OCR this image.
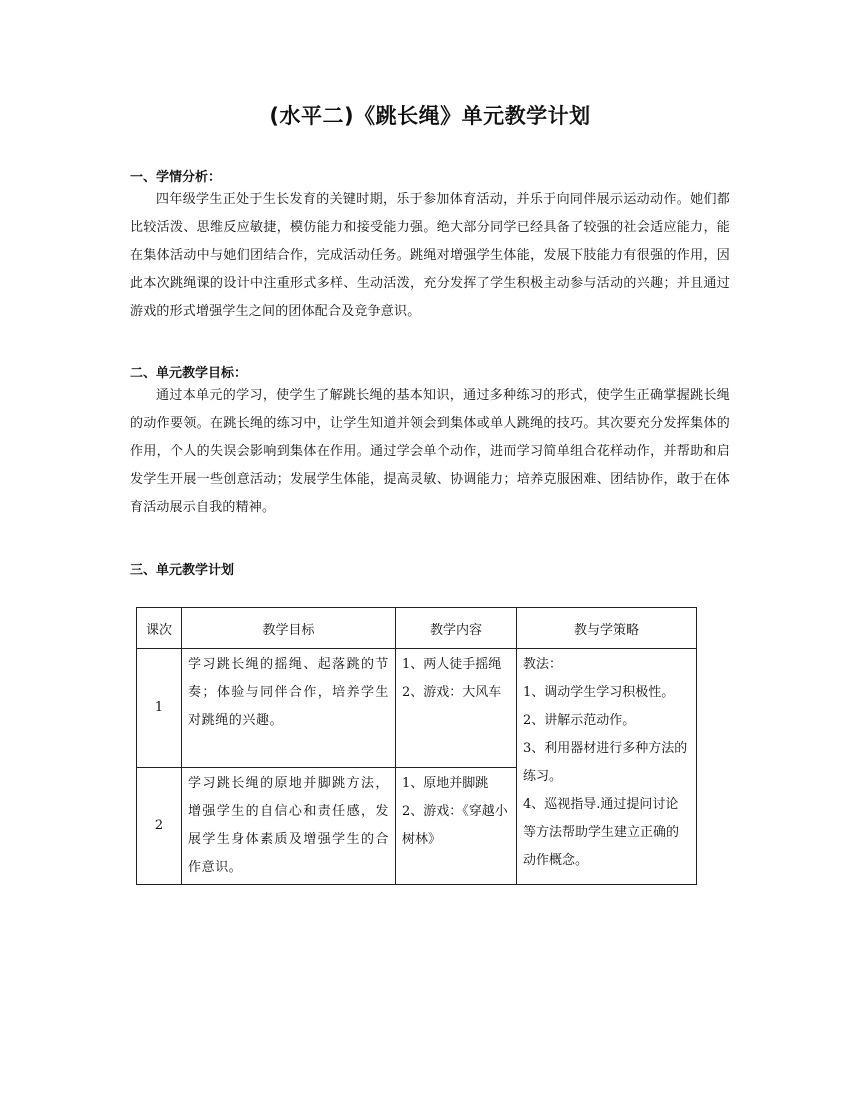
(水平二)《跳长绳》单元教学计划
一、学情分析：
四年级学生正处于生长发育的关键时期，乐于参加体育活动，并乐于向同伴展示运动动作。她们都比较活泼、思维反应敏捷，模仿能力和接受能力强。绝大部分同学已经具备了较强的社会适应能力，能在集体活动中与她们团结合作，完成活动任务。跳绳对增强学生体能，发展下肢能力有很强的作用，因此本次跳绳课的设计中注重形式多样、生动活泼，充分发挥了学生积极主动参与活动的兴趣；并且通过游戏的形式增强学生之间的团体配合及竞争意识。
二、单元教学目标：
通过本单元的学习，使学生了解跳长绳的基本知识，通过多种练习的形式，使学生正确掌握跳长绳的动作要领。在跳长绳的练习中，让学生知道并领会到集体或单人跳绳的技巧。其次要充分发挥集体的作用，个人的失误会影响到集体在作用。通过学会单个动作，进而学习简单组合花样动作，并帮助和启发学生开展一些创意活动；发展学生体能，提高灵敏、协调能力；培养克服困难、团结协作，敢于在体育活动展示自我的精神。
三、单元教学计划
课次	教学目标	教学内容	教与学策略
1	学习跳长绳的摇绳、起落跳的节奏；体验与同伴合作，培养学生对跳绳的兴趣。	1、两人徒手摇绳
2、游戏：大风车	教法：
1、调动学生学习积极性。
2、讲解示范动作。
3、利用器材进行多种方法的练习。
4、巡视指导.通过提问讨论等方法帮助学生建立正确的动作概念。

2	学习跳长绳的原地并脚跳方法，增强学生的自信心和责任感，发展学生身体素质及增强学生的合作意识。	1、原地并脚跳
2、游戏：《穿越小树林》	
